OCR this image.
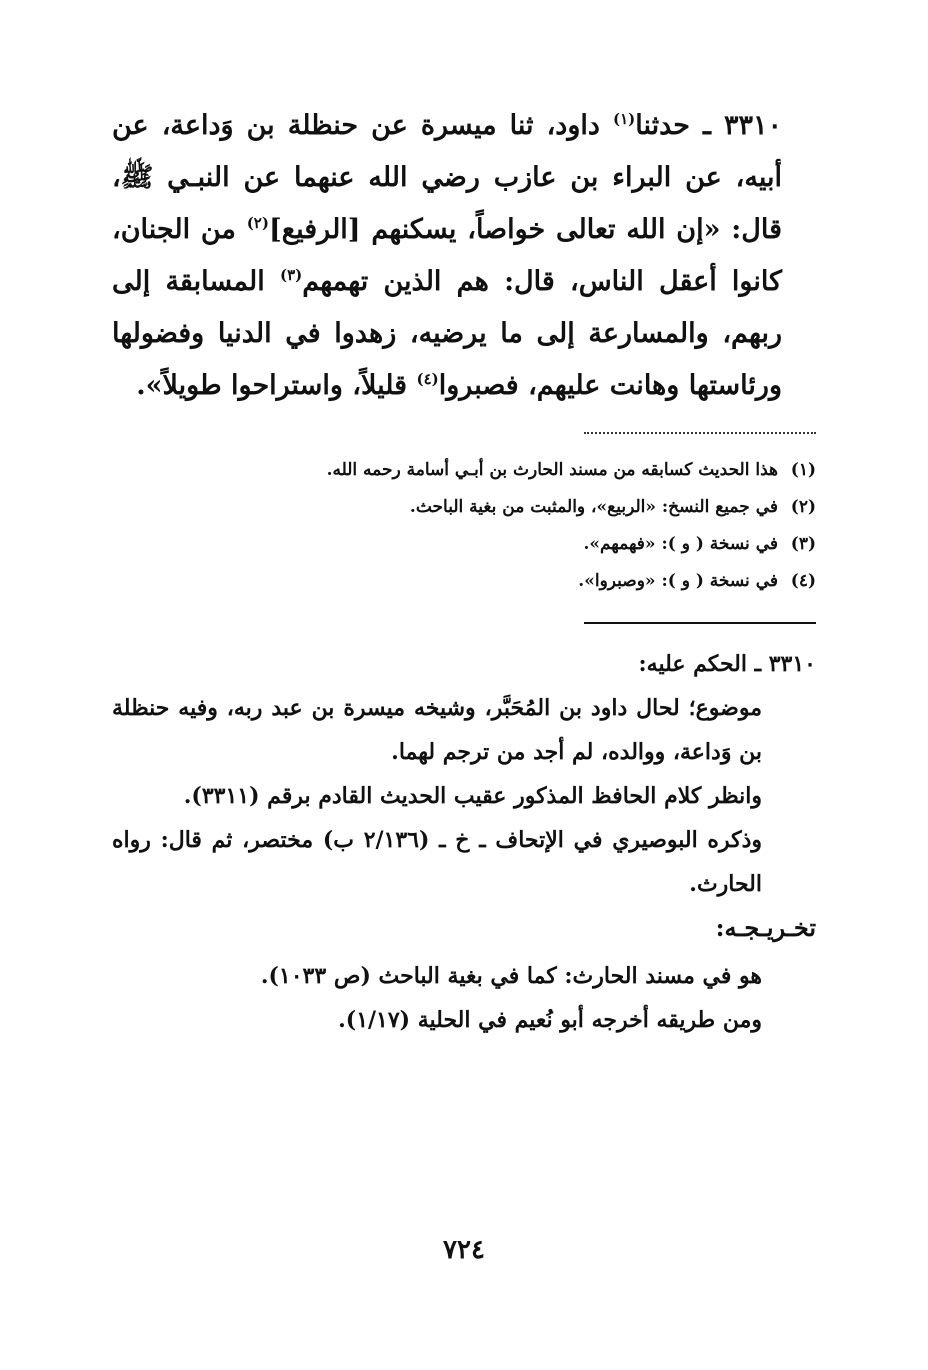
٣٣١٠ ـ حدثنا$^{(١)}$ داود، ثنا ميسرة عن حنظلة بن وَداعة، عن أبيه، عن البراء بن عازب رضي الله عنهما عن النبـي ﷺ، قال: «إن الله تعالى خواصاً، يسكنهم [الرفيع]$^{(٢)}$ من الجنان، كانوا أعقل الناس، قال: هم الذين تهمهم$^{(٣)}$ المسابقة إلى ربهم، والمسارعة إلى ما يرضيه، زهدوا في الدنيا وفضولها ورئاستها وهانت عليهم، فصبروا$^{(٤)}$ قليلاً، واستراحوا طويلاً».

(١)
هذا الحديث كسابقه من مسند الحارث بن أبـي أسامة رحمه الله.
(٢)
في جميع النسخ: «الربيع»، والمثبت من بغية الباحث.
(٣)
في نسخة ( و ): «فهمهم».
(٤)
في نسخة ( و ): «وصبروا».

٣٣١٠ ـ الحكم عليه:

موضوع؛ لحال داود بن المُحَبَّر، وشيخه ميسرة بن عبد ربه، وفيه حنظلة بن وَداعة، ووالده، لم أجد من ترجم لهما.

وانظر كلام الحافظ المذكور عقيب الحديث القادم برقم (٣٣١١).

وذكره البوصيري في الإتحاف ـ خ ـ (٢/١٣٦ ب) مختصر، ثم قال: رواه الحارث.

تخـريـجـه:

هو في مسند الحارث: كما في بغية الباحث (ص ١٠٣٣).

ومن طريقه أخرجه أبو نُعيم في الحلية (١/١٧).

٧٢٤
